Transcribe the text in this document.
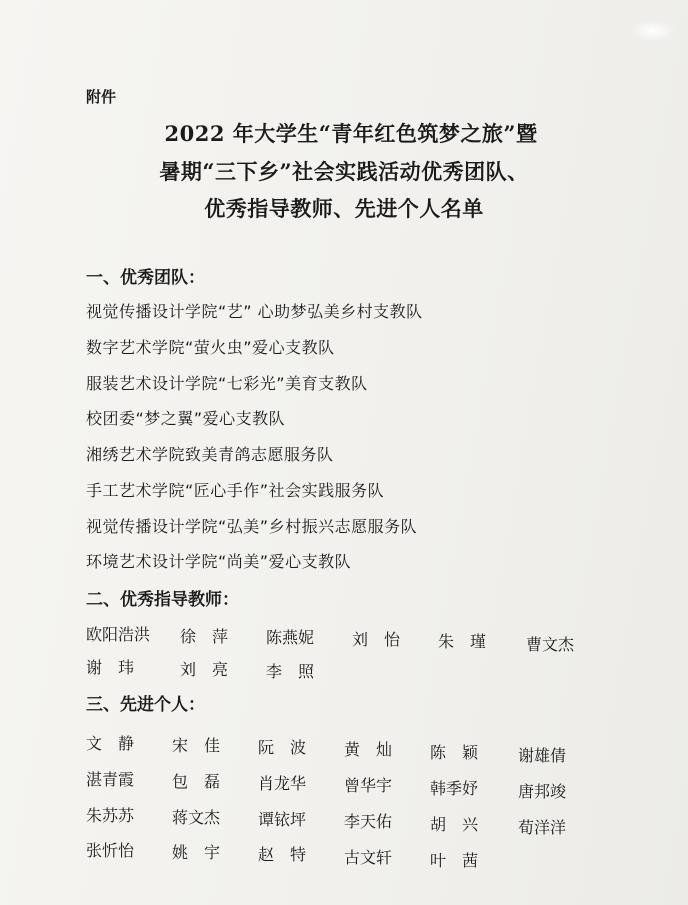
附件
2022 年大学生“青年红色筑梦之旅”暨
暑期“三下乡”社会实践活动优秀团队、
优秀指导教师、先进个人名单
一、优秀团队：
视觉传播设计学院“艺” 心助梦弘美乡村支教队
数字艺术学院“萤火虫”爱心支教队
服装艺术设计学院“七彩光”美育支教队
校团委“梦之翼”爱心支教队
湘绣艺术学院致美青鸽志愿服务队
手工艺术学院“匠心手作”社会实践服务队
视觉传播设计学院“弘美”乡村振兴志愿服务队
环境艺术设计学院“尚美”爱心支教队
二、优秀指导教师：
欧阳浩洪 徐　萍 陈燕妮 刘　怡 朱　瑾 曹文杰
谢　玮	刘　亮 李　照
三、先进个人：
文　静 宋　佳 阮　波 黄　灿 陈　颖 谢雄倩
湛青霞 包　磊 肖龙华 曾华宇 韩季妤 唐邦竣
朱苏苏 蒋文杰 谭铱坪 李天佑 胡　兴 荀洋洋
张忻怡 姚　宇 赵　特 古文轩 叶　茜
